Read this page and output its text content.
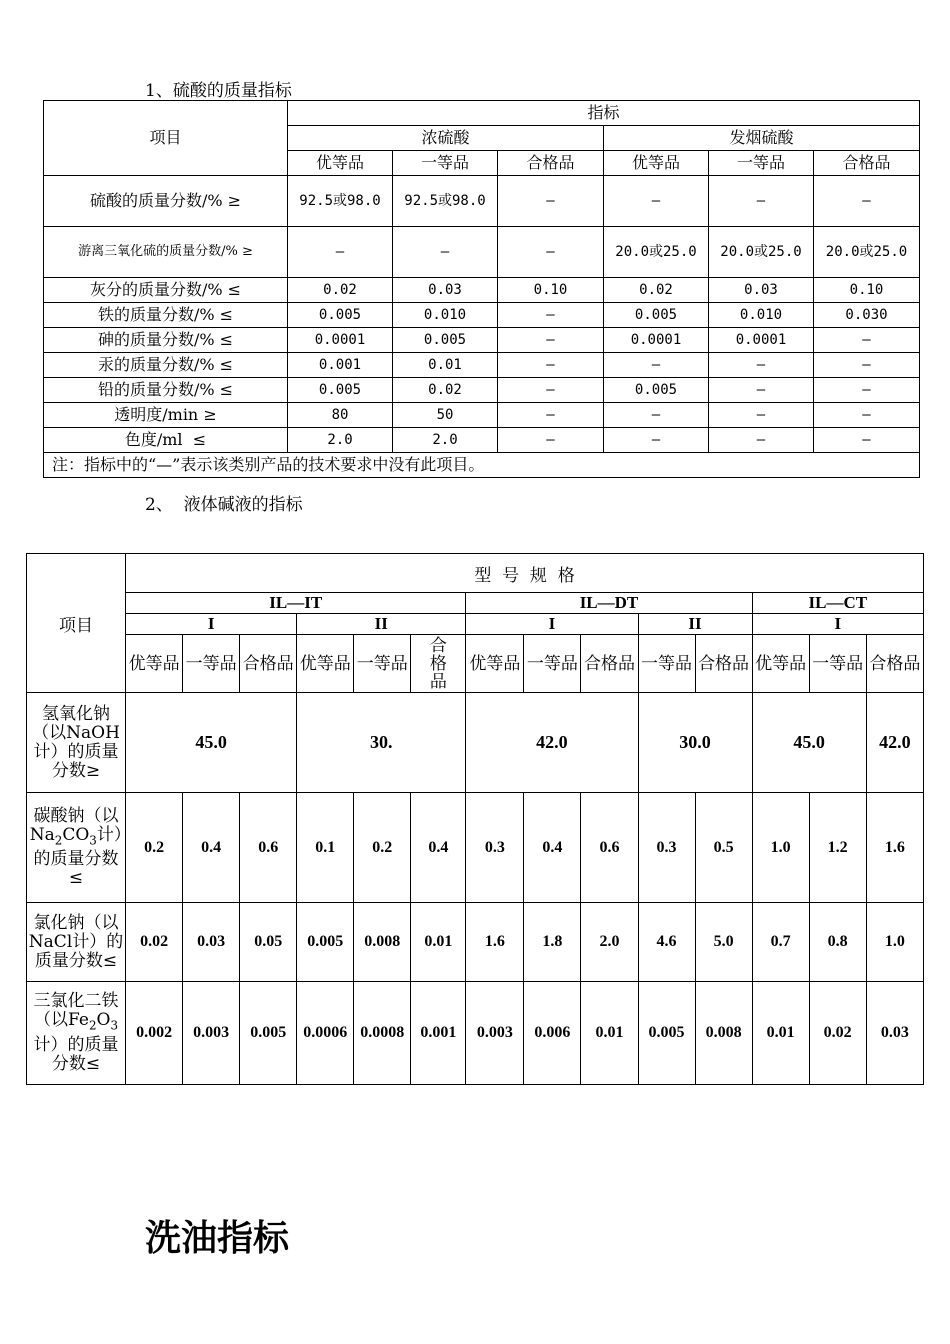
1、硫酸的质量指标
项目	指标					
	浓硫酸			发烟硫酸		
	优等品	一等品	合格品	优等品	一等品	合格品
硫酸的质量分数/% ≥	92.5或98.0	92.5或98.0	—	—	—	—
游离三氧化硫的质量分数/% ≥	—	—	—	20.0或25.0	20.0或25.0	20.0或25.0
灰分的质量分数/% ≤	0.02	0.03	0.10	0.02	0.03	0.10
铁的质量分数/% ≤	0.005	0.010	—	0.005	0.010	0.030
砷的质量分数/% ≤	0.0001	0.005	—	0.0001	0.0001	—
汞的质量分数/% ≤	0.001	0.01	—	—	—	—
铅的质量分数/% ≤	0.005	0.02	—	0.005	—	—
透明度/min ≥	80	50	—	—	—	—
色度/ml  ≤	2.0	2.0	—	—	—	—
注：指标中的“—”表示该类别产品的技术要求中没有此项目。						
2、  液体碱液的指标
项目	型  号  规  格													
	IL—IT						IL—DT					IL—CT		
	I			II			I			II		I		
	优等品	一等品	合格品	优等品	一等品	合格品	优等品	一等品	合格品	一等品	合格品	优等品	一等品	合格品
氢氧化钠（以NaOH计）的质量分数≥	45.0			30.			42.0			30.0		45.0		42.0
碳酸钠（以$Na_2CO_3$计）的质量分数≤	0.2	0.4	0.6	0.1	0.2	0.4	0.3	0.4	0.6	0.3	0.5	1.0	1.2	1.6
氯化钠（以NaCl计）的质量分数≤	0.02	0.03	0.05	0.005	0.008	0.01	1.6	1.8	2.0	4.6	5.0	0.7	0.8	1.0
三氯化二铁（以$Fe_2O_3$计）的质量分数≤	0.002	0.003	0.005	0.0006	0.0008	0.001	0.003	0.006	0.01	0.005	0.008	0.01	0.02	0.03
洗油指标
